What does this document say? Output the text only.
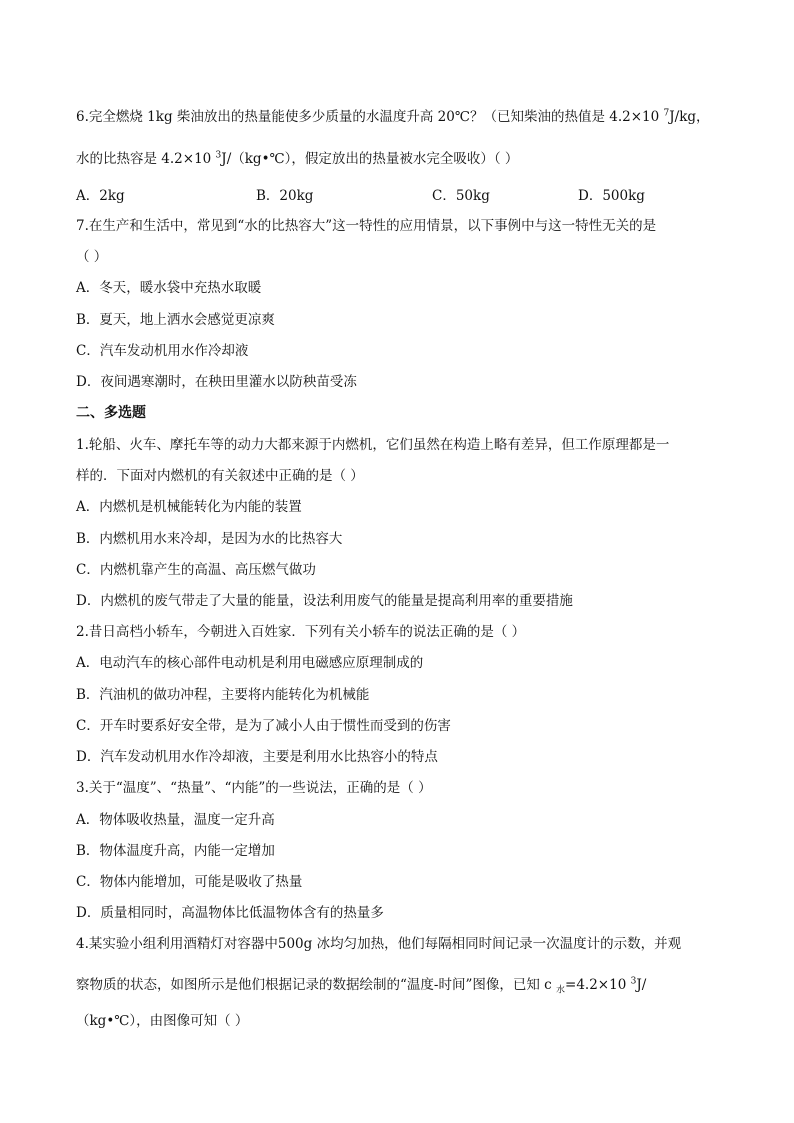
6.完全燃烧 1kg 柴油放出的热量能使多少质量的水温度升高 20℃？（已知柴油的热值是 4.2×10 $^7$J/kg，
水的比热容是 4.2×10 $^3$J/（kg•℃），假定放出的热量被水完全吸收）（ ）
A．2kg	B．20kg	C．50kg	D．500kg
7.在生产和生活中，常见到“水的比热容大”这一特性的应用情景，以下事例中与这一特性无关的是
（ ）
A．冬天，暖水袋中充热水取暖
B．夏天，地上洒水会感觉更凉爽
C．汽车发动机用水作冷却液
D．夜间遇寒潮时，在秧田里灌水以防秧苗受冻
二、多选题
1.轮船、火车、摩托车等的动力大都来源于内燃机，它们虽然在构造上略有差异，但工作原理都是一
样的．下面对内燃机的有关叙述中正确的是（ ）
A．内燃机是机械能转化为内能的装置
B．内燃机用水来冷却，是因为水的比热容大
C．内燃机靠产生的高温、高压燃气做功
D．内燃机的废气带走了大量的能量，设法利用废气的能量是提高利用率的重要措施
2.昔日高档小轿车，今朝进入百姓家．下列有关小轿车的说法正确的是（ ）
A．电动汽车的核心部件电动机是利用电磁感应原理制成的
B．汽油机的做功冲程，主要将内能转化为机械能
C．开车时要系好安全带，是为了减小人由于惯性而受到的伤害
D．汽车发动机用水作冷却液，主要是利用水比热容小的特点
3.关于“温度”、“热量”、“内能”的一些说法，正确的是（ ）
A．物体吸收热量，温度一定升高
B．物体温度升高，内能一定增加
C．物体内能增加，可能是吸收了热量
D．质量相同时，高温物体比低温物体含有的热量多
4.某实验小组利用酒精灯对容器中500g 冰均匀加热，他们每隔相同时间记录一次温度计的示数，并观
察物质的状态，如图所示是他们根据记录的数据绘制的“温度-时间”图像，已知 c $_水$=4.2×10 $^3$J/
（kg•℃），由图像可知（ ）
